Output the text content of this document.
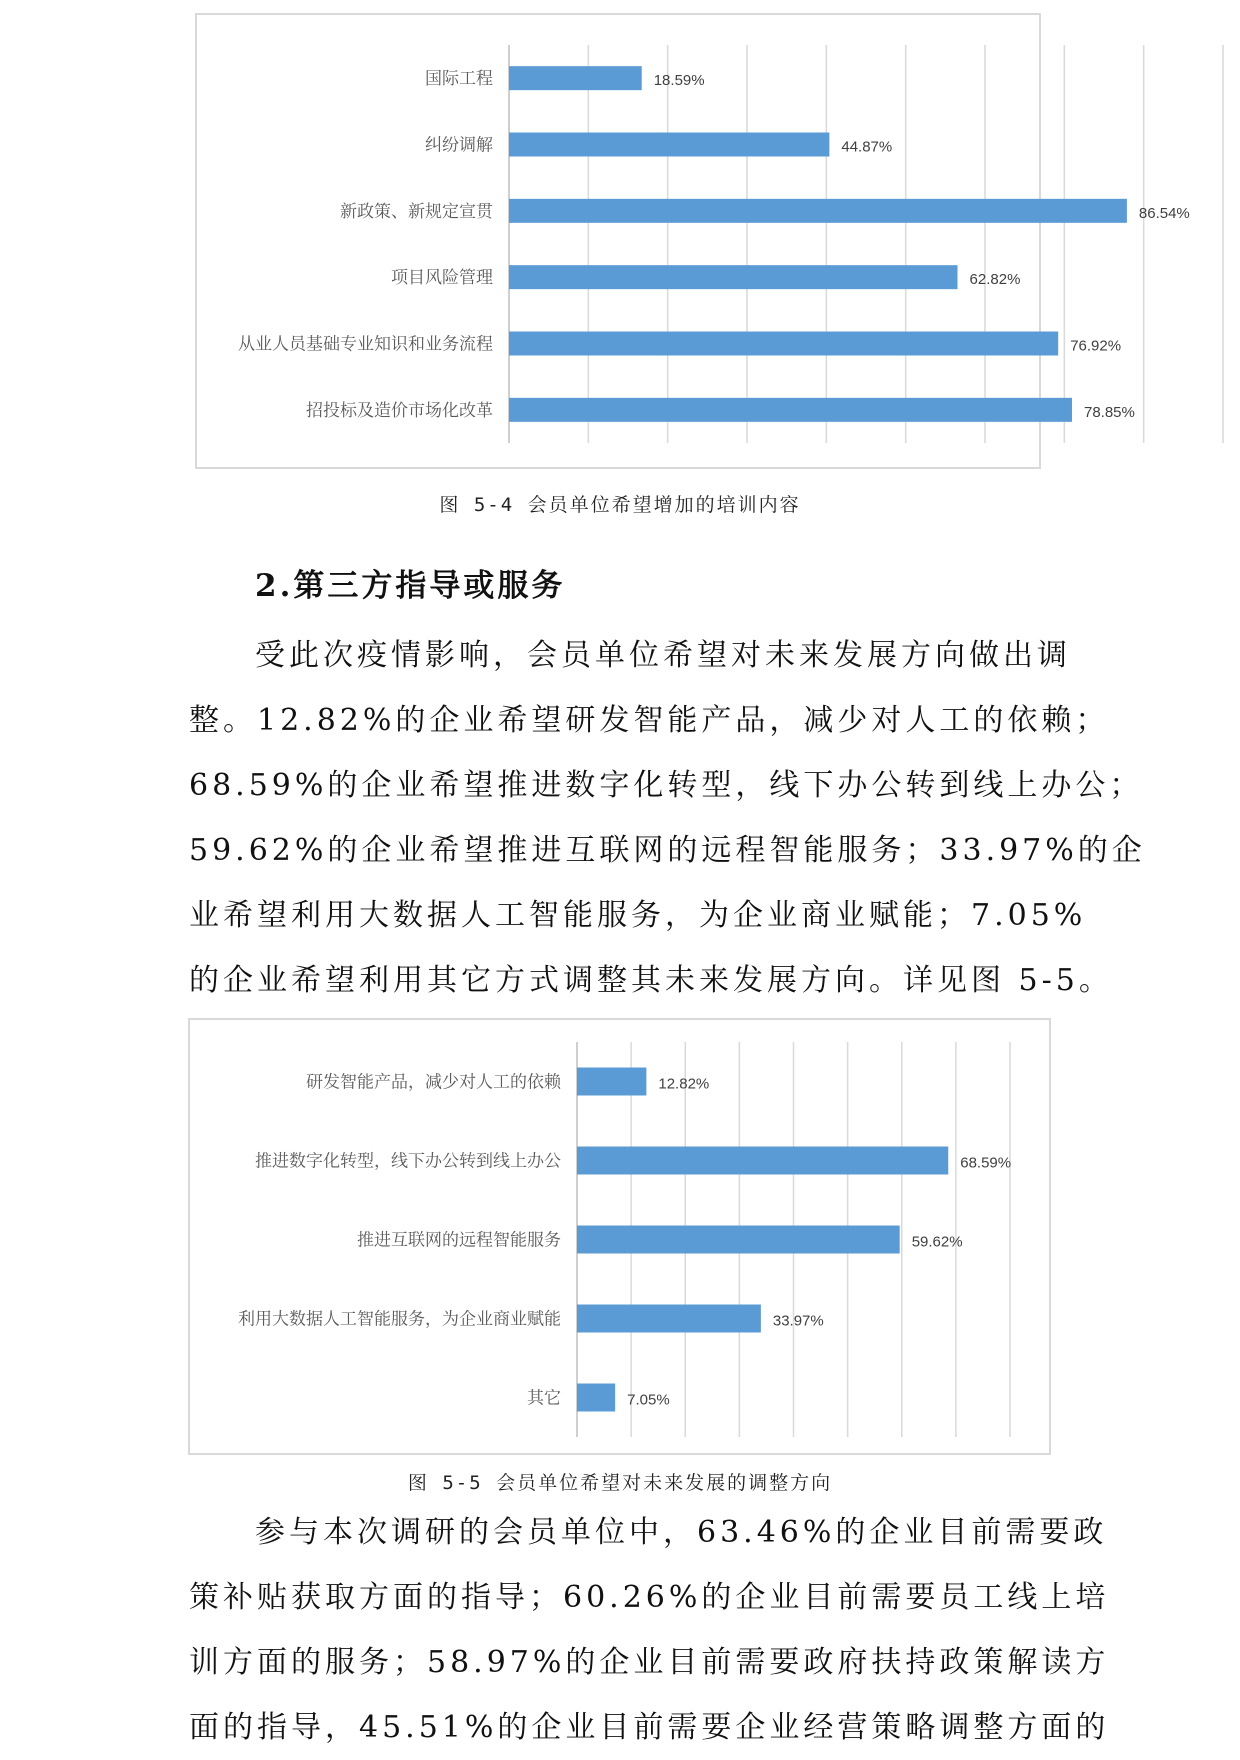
国际工程	18.59%
纠纷调解	44.87%
新政策、新规定宣贯	86.54%
项目风险管理	62.82%
从业人员基础专业知识和业务流程	76.92%
招投标及造价市场化改革	78.85%
图 5-4 会员单位希望增加的培训内容
2.第三方指导或服务
受此次疫情影响，会员单位希望对未来发展方向做出调
整。12.82%的企业希望研发智能产品，减少对人工的依赖；
68.59%的企业希望推进数字化转型，线下办公转到线上办公；
59.62%的企业希望推进互联网的远程智能服务；33.97%的企
业希望利用大数据人工智能服务，为企业商业赋能；7.05%
的企业希望利用其它方式调整其未来发展方向。详见图 5-5。
研发智能产品，减少对人工的依赖	12.82%
推进数字化转型，线下办公转到线上办公	68.59%
推进互联网的远程智能服务	59.62%
利用大数据人工智能服务，为企业商业赋能	33.97%
其它	7.05%
图 5-5 会员单位希望对未来发展的调整方向
参与本次调研的会员单位中，63.46%的企业目前需要政
策补贴获取方面的指导；60.26%的企业目前需要员工线上培
训方面的服务；58.97%的企业目前需要政府扶持政策解读方
面的指导，45.51%的企业目前需要企业经营策略调整方面的
